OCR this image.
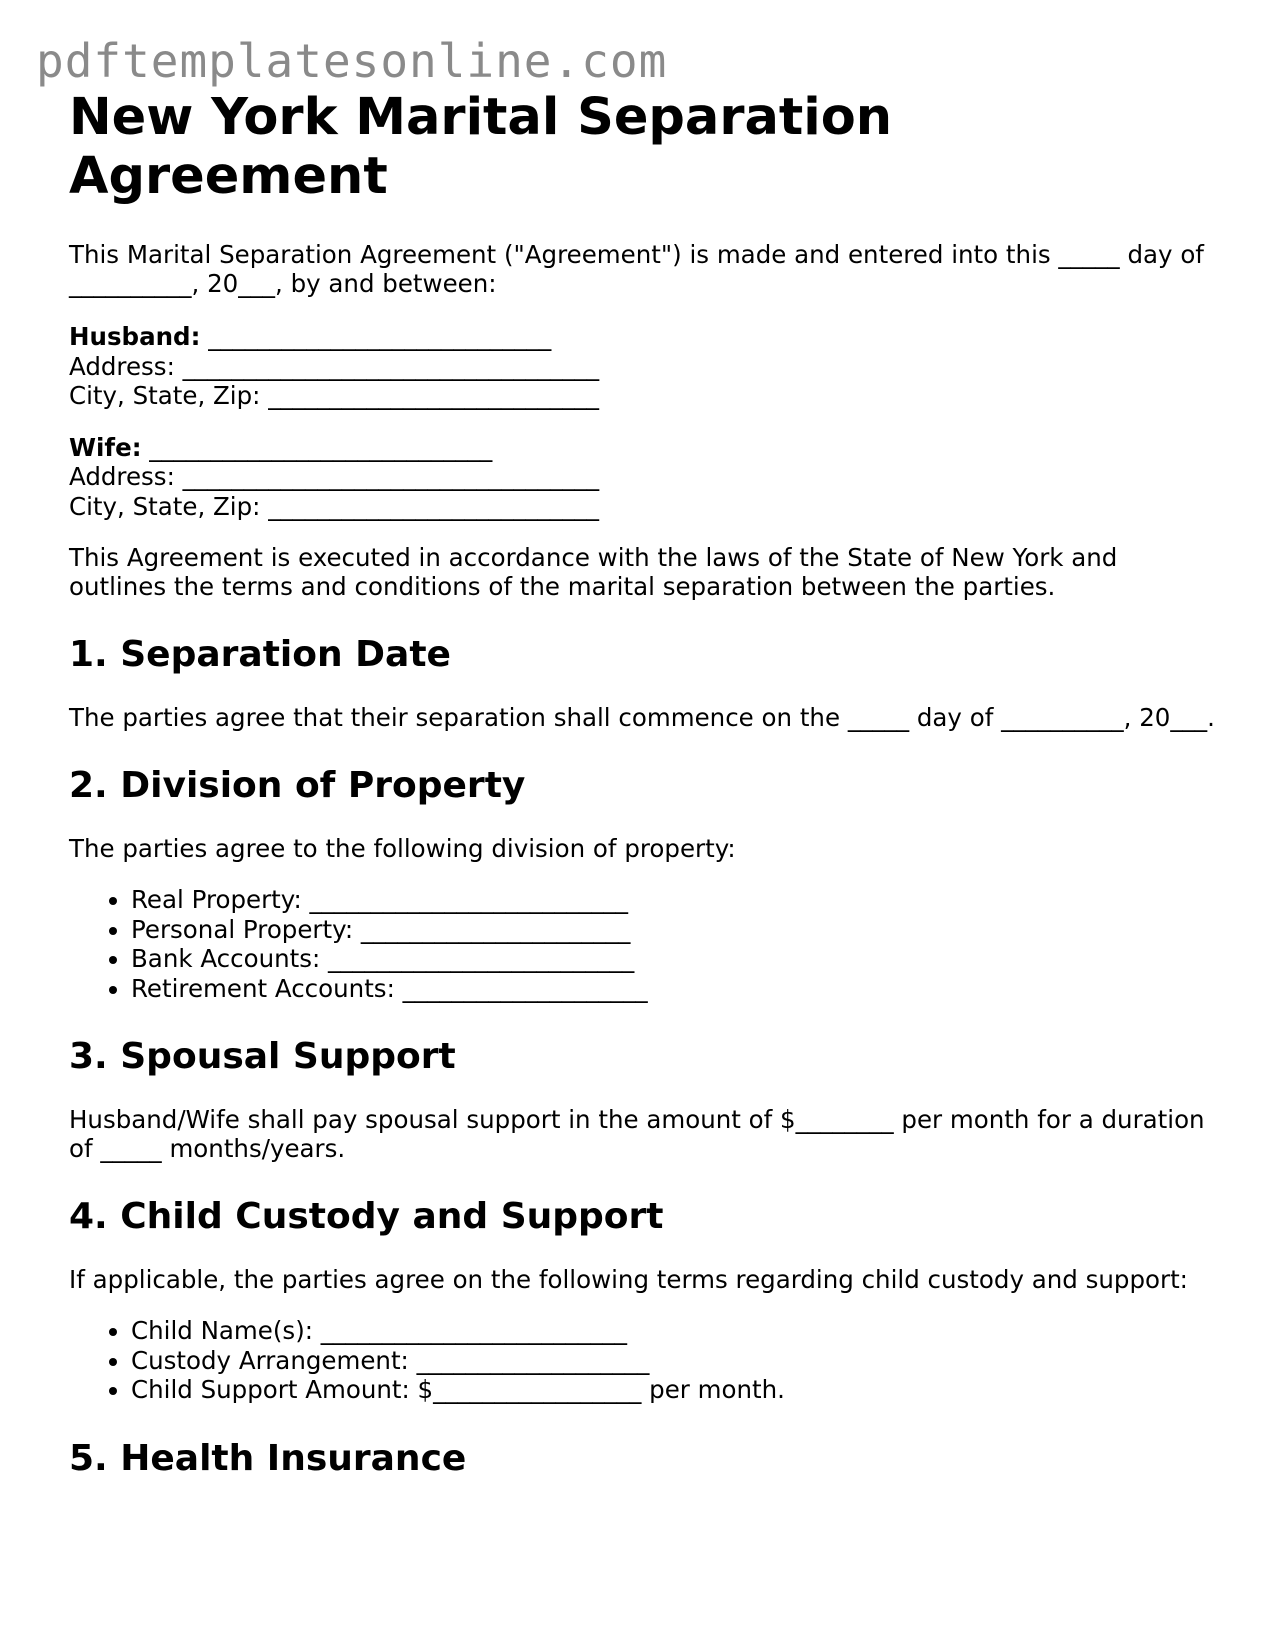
pdftemplatesonline.com
New York Marital Separation Agreement

This Marital Separation Agreement ("Agreement") is made and entered into this _____ day of __________, 20___, by and between:

Husband: ____________________________
Address: __________________________________
City, State, Zip: ___________________________
Wife: ____________________________
Address: __________________________________
City, State, Zip: ___________________________

This Agreement is executed in accordance with the laws of the State of New York and outlines the terms and conditions of the marital separation between the parties.

1. Separation Date

The parties agree that their separation shall commence on the _____ day of __________, 20___.

2. Division of Property

The parties agree to the following division of property:

• Real Property: __________________________
• Personal Property: ______________________
• Bank Accounts: _________________________
• Retirement Accounts: ____________________
3. Spousal Support

Husband/Wife shall pay spousal support in the amount of $________ per month for a duration of _____ months/years.

4. Child Custody and Support

If applicable, the parties agree on the following terms regarding child custody and support:

• Child Name(s): _________________________
• Custody Arrangement: ___________________
• Child Support Amount: $_________________ per month.
5. Health Insurance
